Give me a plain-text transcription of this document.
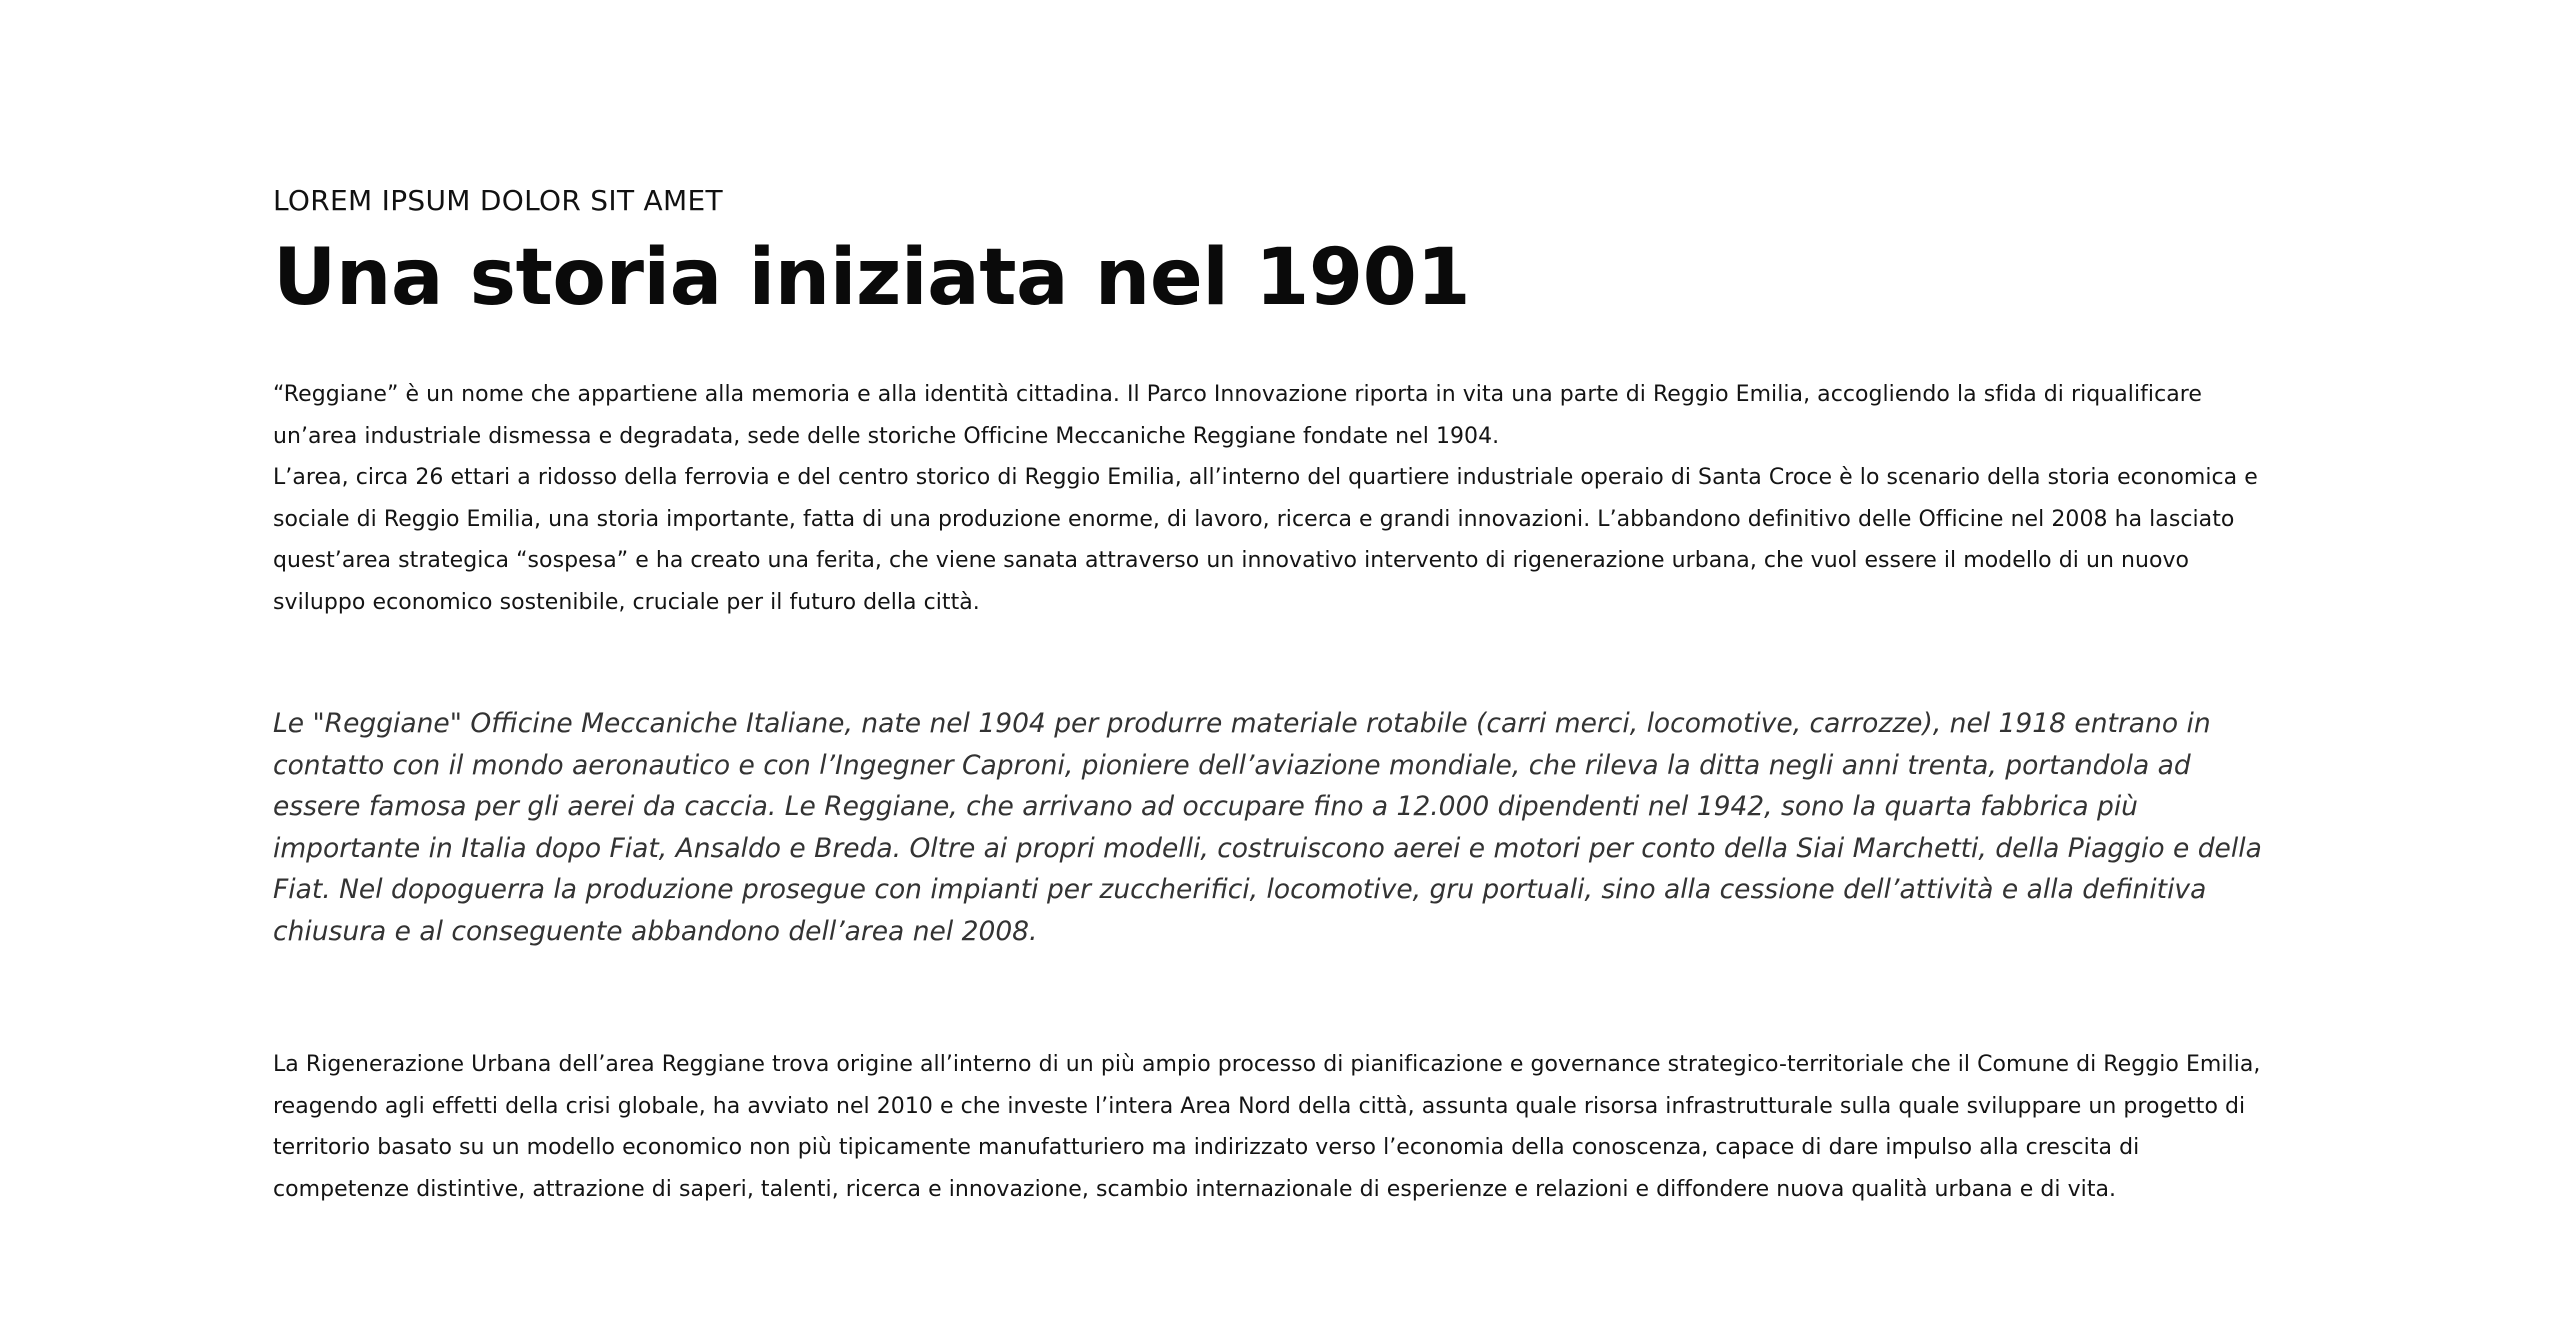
LOREM IPSUM DOLOR SIT AMET

Una storia iniziata nel 1901
“Reggiane” è un nome che appartiene alla memoria e alla identità cittadina. Il Parco Innovazione riporta in vita una parte di Reggio Emilia, accogliendo la sfida di riqualificare un’area industriale dismessa e degradata, sede delle storiche Officine Meccaniche Reggiane fondate nel 1904.
L’area, circa 26 ettari a ridosso della ferrovia e del centro storico di Reggio Emilia, all’interno del quartiere industriale operaio di Santa Croce è lo scenario della storia economica e sociale di Reggio Emilia, una storia importante, fatta di una produzione enorme, di lavoro, ricerca e grandi innovazioni. L’abbandono definitivo delle Officine nel 2008 ha lasciato quest’area strategica “sospesa” e ha creato una ferita, che viene sanata attraverso un innovativo intervento di rigenerazione urbana, che vuol essere il modello di un nuovo sviluppo economico sostenibile, cruciale per il futuro della città.

Le "Reggiane" Officine Meccaniche Italiane, nate nel 1904 per produrre materiale rotabile (carri merci, locomotive, carrozze), nel 1918 entrano in contatto con il mondo aeronautico e con l’Ingegner Caproni, pioniere dell’aviazione mondiale, che rileva la ditta negli anni trenta, portandola ad essere famosa per gli aerei da caccia. Le Reggiane, che arrivano ad occupare fino a 12.000 dipendenti nel 1942, sono la quarta fabbrica più importante in Italia dopo Fiat, Ansaldo e Breda. Oltre ai propri modelli, costruiscono aerei e motori per conto della Siai Marchetti, della Piaggio e della Fiat. Nel dopoguerra la produzione prosegue con impianti per zuccherifici, locomotive, gru portuali, sino alla cessione dell’attività e alla definitiva chiusura e al conseguente abbandono dell’area nel 2008.

La Rigenerazione Urbana dell’area Reggiane trova origine all’interno di un più ampio processo di pianificazione e governance strategico-territoriale che il Comune di Reggio Emilia, reagendo agli effetti della crisi globale, ha avviato nel 2010 e che investe l’intera Area Nord della città, assunta quale risorsa infrastrutturale sulla quale sviluppare un progetto di territorio basato su un modello economico non più tipicamente manufatturiero ma indirizzato verso l’economia della conoscenza, capace di dare impulso alla crescita di competenze distintive, attrazione di saperi, talenti, ricerca e innovazione, scambio internazionale di esperienze e relazioni e diffondere nuova qualità urbana e di vita.
